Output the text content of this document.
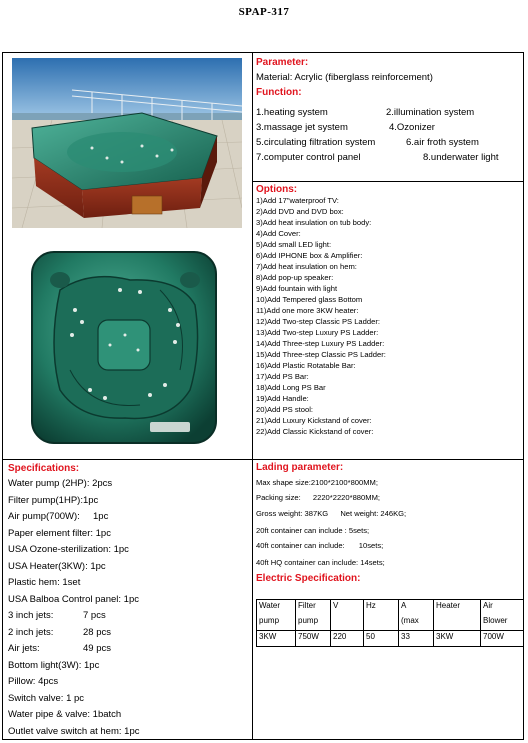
SPAP-317
Parameter:
Material: Acrylic (fiberglass reinforcement)
Function:
1.heating system	2.illumination system
3.massage jet system	4.Ozonizer
5.circulating filtration system	6.air froth system
7.computer control panel	8.underwater light
Options:
1)Add 17"waterproof TV:
2)Add DVD and DVD box:
3)Add heat insulation on tub body:
4)Add Cover:
5)Add small LED light:
6)Add IPHONE box & Amplifier:
7)Add heat insulation on hem:
8)Add pop-up speaker:
9)Add fountain with light
10)Add Tempered glass Bottom
11)Add one more 3KW heater:
12)Add Two-step Classic PS Ladder:
13)Add Two-step Luxury PS Ladder:
14)Add Three-step Luxury PS Ladder:
15)Add Three-step Classic PS Ladder:
16)Add Plastic Rotatable Bar:
17)Add PS Bar:
18)Add Long PS Bar
19)Add Handle:
20)Add PS stool:
21)Add Luxury Kickstand of cover:
22)Add Classic Kickstand of cover:
Specifications:
Water pump (2HP): 2pcs
Filter pump(1HP):1pc
Air pump(700W): 1pc
Paper element filter: 1pc
USA Ozone-sterilization: 1pc
USA Heater(3KW): 1pc
Plastic hem: 1set
USA Balboa Control panel: 1pc
3 inch jets:	7 pcs
2 inch jets:	28 pcs
Air jets:	49 pcs
Bottom light(3W): 1pc
Pillow: 4pcs
Switch valve: 1 pc
Water pipe & valve: 1batch
Outlet valve switch at hem: 1pc
Lading parameter:
Max shape size:2100*2100*800MM;
Packing size: 2220*2220*880MM;
Gross weight: 387KG Net weight: 246KG;
20ft container can include : 5sets;
40ft container can include: 10sets;
40ft HQ container can include: 14sets;
Electric Specification:
Water	Filter	V	Hz	A	Heater	Air
pump	pump			(max		Blower
3KW	750W	220	50	33	3KW	700W
